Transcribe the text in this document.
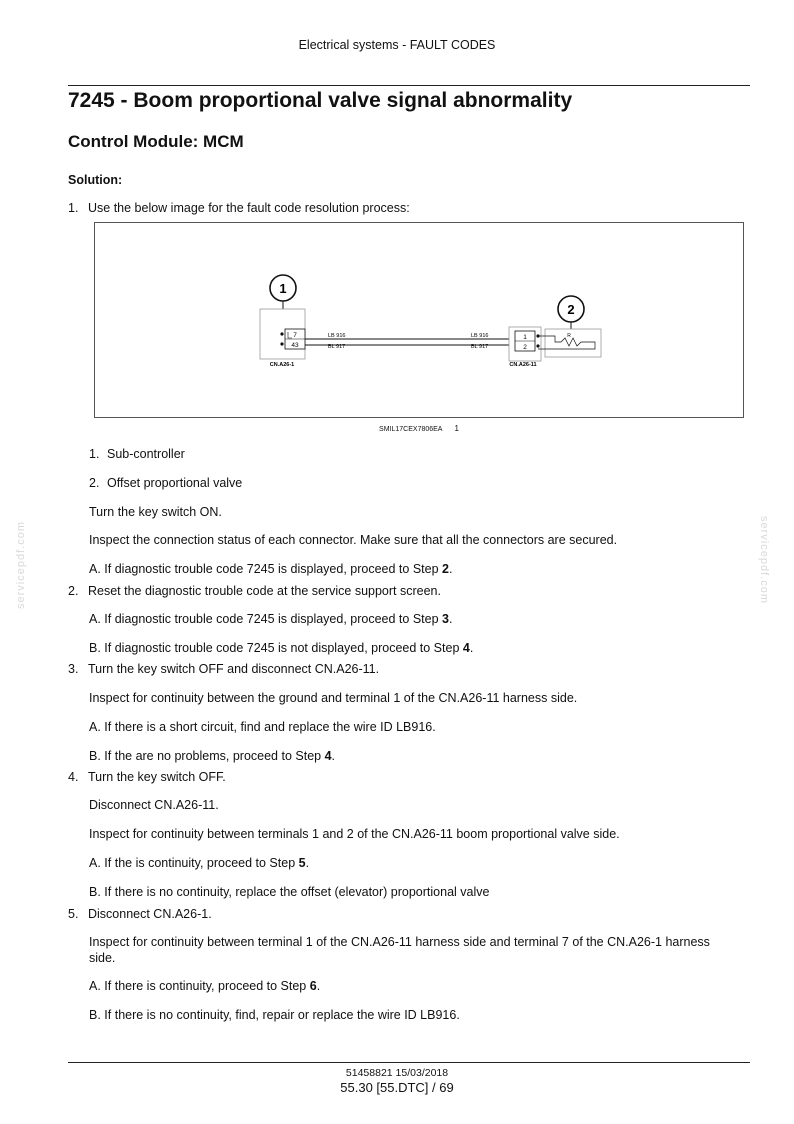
Electrical systems - FAULT CODES
7245 - Boom proportional valve signal abnormality
Control Module: MCM
Solution:
1. Use the below image for the fault code resolution process:
1
7
43
CN.A26-1
LB 916
BL 917
LB 916
BL 917
1
2
CN.A26-11
2
R
SMIL17CEX7806EA 1
1. Sub-controller
2. Offset proportional valve
Turn the key switch ON.
Inspect the connection status of each connector. Make sure that all the connectors are secured.
A. If diagnostic trouble code 7245 is displayed, proceed to Step 2.
2. Reset the diagnostic trouble code at the service support screen.
A. If diagnostic trouble code 7245 is displayed, proceed to Step 3.
B. If diagnostic trouble code 7245 is not displayed, proceed to Step 4.
3. Turn the key switch OFF and disconnect CN.A26-11.
Inspect for continuity between the ground and terminal 1 of the CN.A26-11 harness side.
A. If there is a short circuit, find and replace the wire ID LB916.
B. If the are no problems, proceed to Step 4.
4. Turn the key switch OFF.
Disconnect CN.A26-11.
Inspect for continuity between terminals 1 and 2 of the CN.A26-11 boom proportional valve side.
A. If the is continuity, proceed to Step 5.
B. If there is no continuity, replace the offset (elevator) proportional valve
5. Disconnect CN.A26-1.
Inspect for continuity between terminal 1 of the CN.A26-11 harness side and terminal 7 of the CN.A26-1 harness
side.
A. If there is continuity, proceed to Step 6.
B. If there is no continuity, find, repair or replace the wire ID LB916.
servicepdf.com	servicepdf.com
51458821 15/03/2018
55.30 [55.DTC] / 69
